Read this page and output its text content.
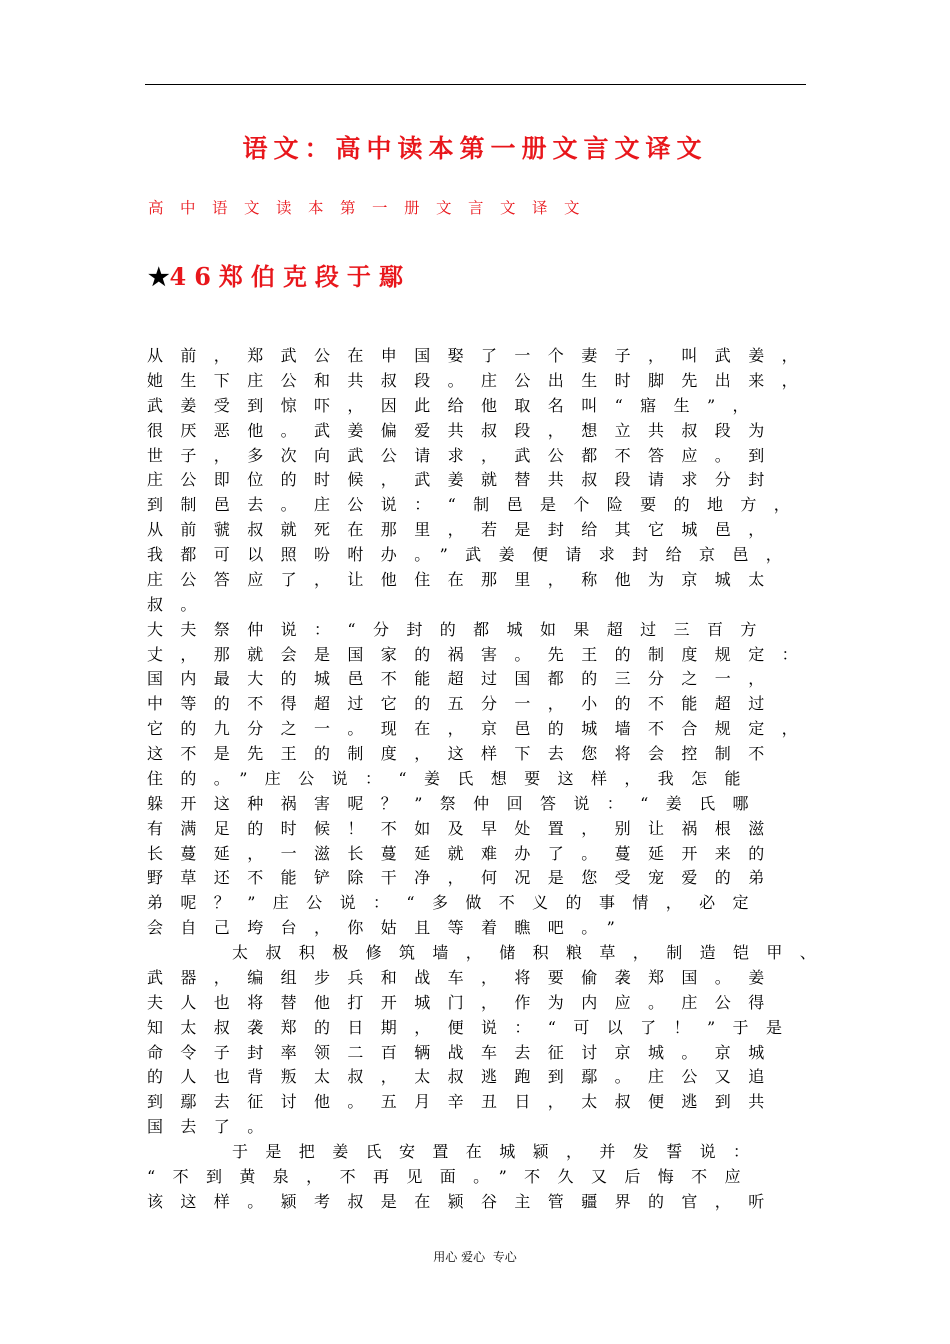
语文：高中读本第一册文言文译文
高中语文读本第一册文言文译文
★46郑伯克段于鄢
从前，郑武公在申国娶了一个妻子，叫武姜，
她生下庄公和共叔段。庄公出生时脚先出来，
武姜受到惊吓，因此给他取名叫“寤生”，
很厌恶他。武姜偏爱共叔段，想立共叔段为
世子，多次向武公请求，武公都不答应。到
庄公即位的时候，武姜就替共叔段请求分封
到制邑去。庄公说：“制邑是个险要的地方，
从前虢叔就死在那里，若是封给其它城邑，
我都可以照吩咐办。”武姜便请求封给京邑，
庄公答应了，让他住在那里，称他为京城太
叔。
大夫祭仲说：“分封的都城如果超过三百方
丈，那就会是国家的祸害。先王的制度规定：
国内最大的城邑不能超过国都的三分之一，
中等的不得超过它的五分一，小的不能超过
它的九分之一。现在，京邑的城墙不合规定，
这不是先王的制度，这样下去您将会控制不
住的。”庄公说：“姜氏想要这样，我怎能
躲开这种祸害呢？”祭仲回答说：“姜氏哪
有满足的时候！不如及早处置，别让祸根滋
长蔓延，一滋长蔓延就难办了。蔓延开来的
野草还不能铲除干净，何况是您受宠爱的弟
弟呢？”庄公说：“多做不义的事情，必定
会自己垮台，你姑且等着瞧吧。”
太叔积极修筑墙，储积粮草，制造铠甲、
武器，编组步兵和战车，将要偷袭郑国。姜
夫人也将替他打开城门，作为内应。庄公得
知太叔袭郑的日期，便说：“可以了！”于是
命令子封率领二百辆战车去征讨京城。京城
的人也背叛太叔，太叔逃跑到鄢。庄公又追
到鄢去征讨他。五月辛丑日，太叔便逃到共
国去了。
于是把姜氏安置在城颍，并发誓说：
“不到黄泉，不再见面。”不久又后悔不应
该这样。颍考叔是在颍谷主管疆界的官，听
用心 爱心  专心
